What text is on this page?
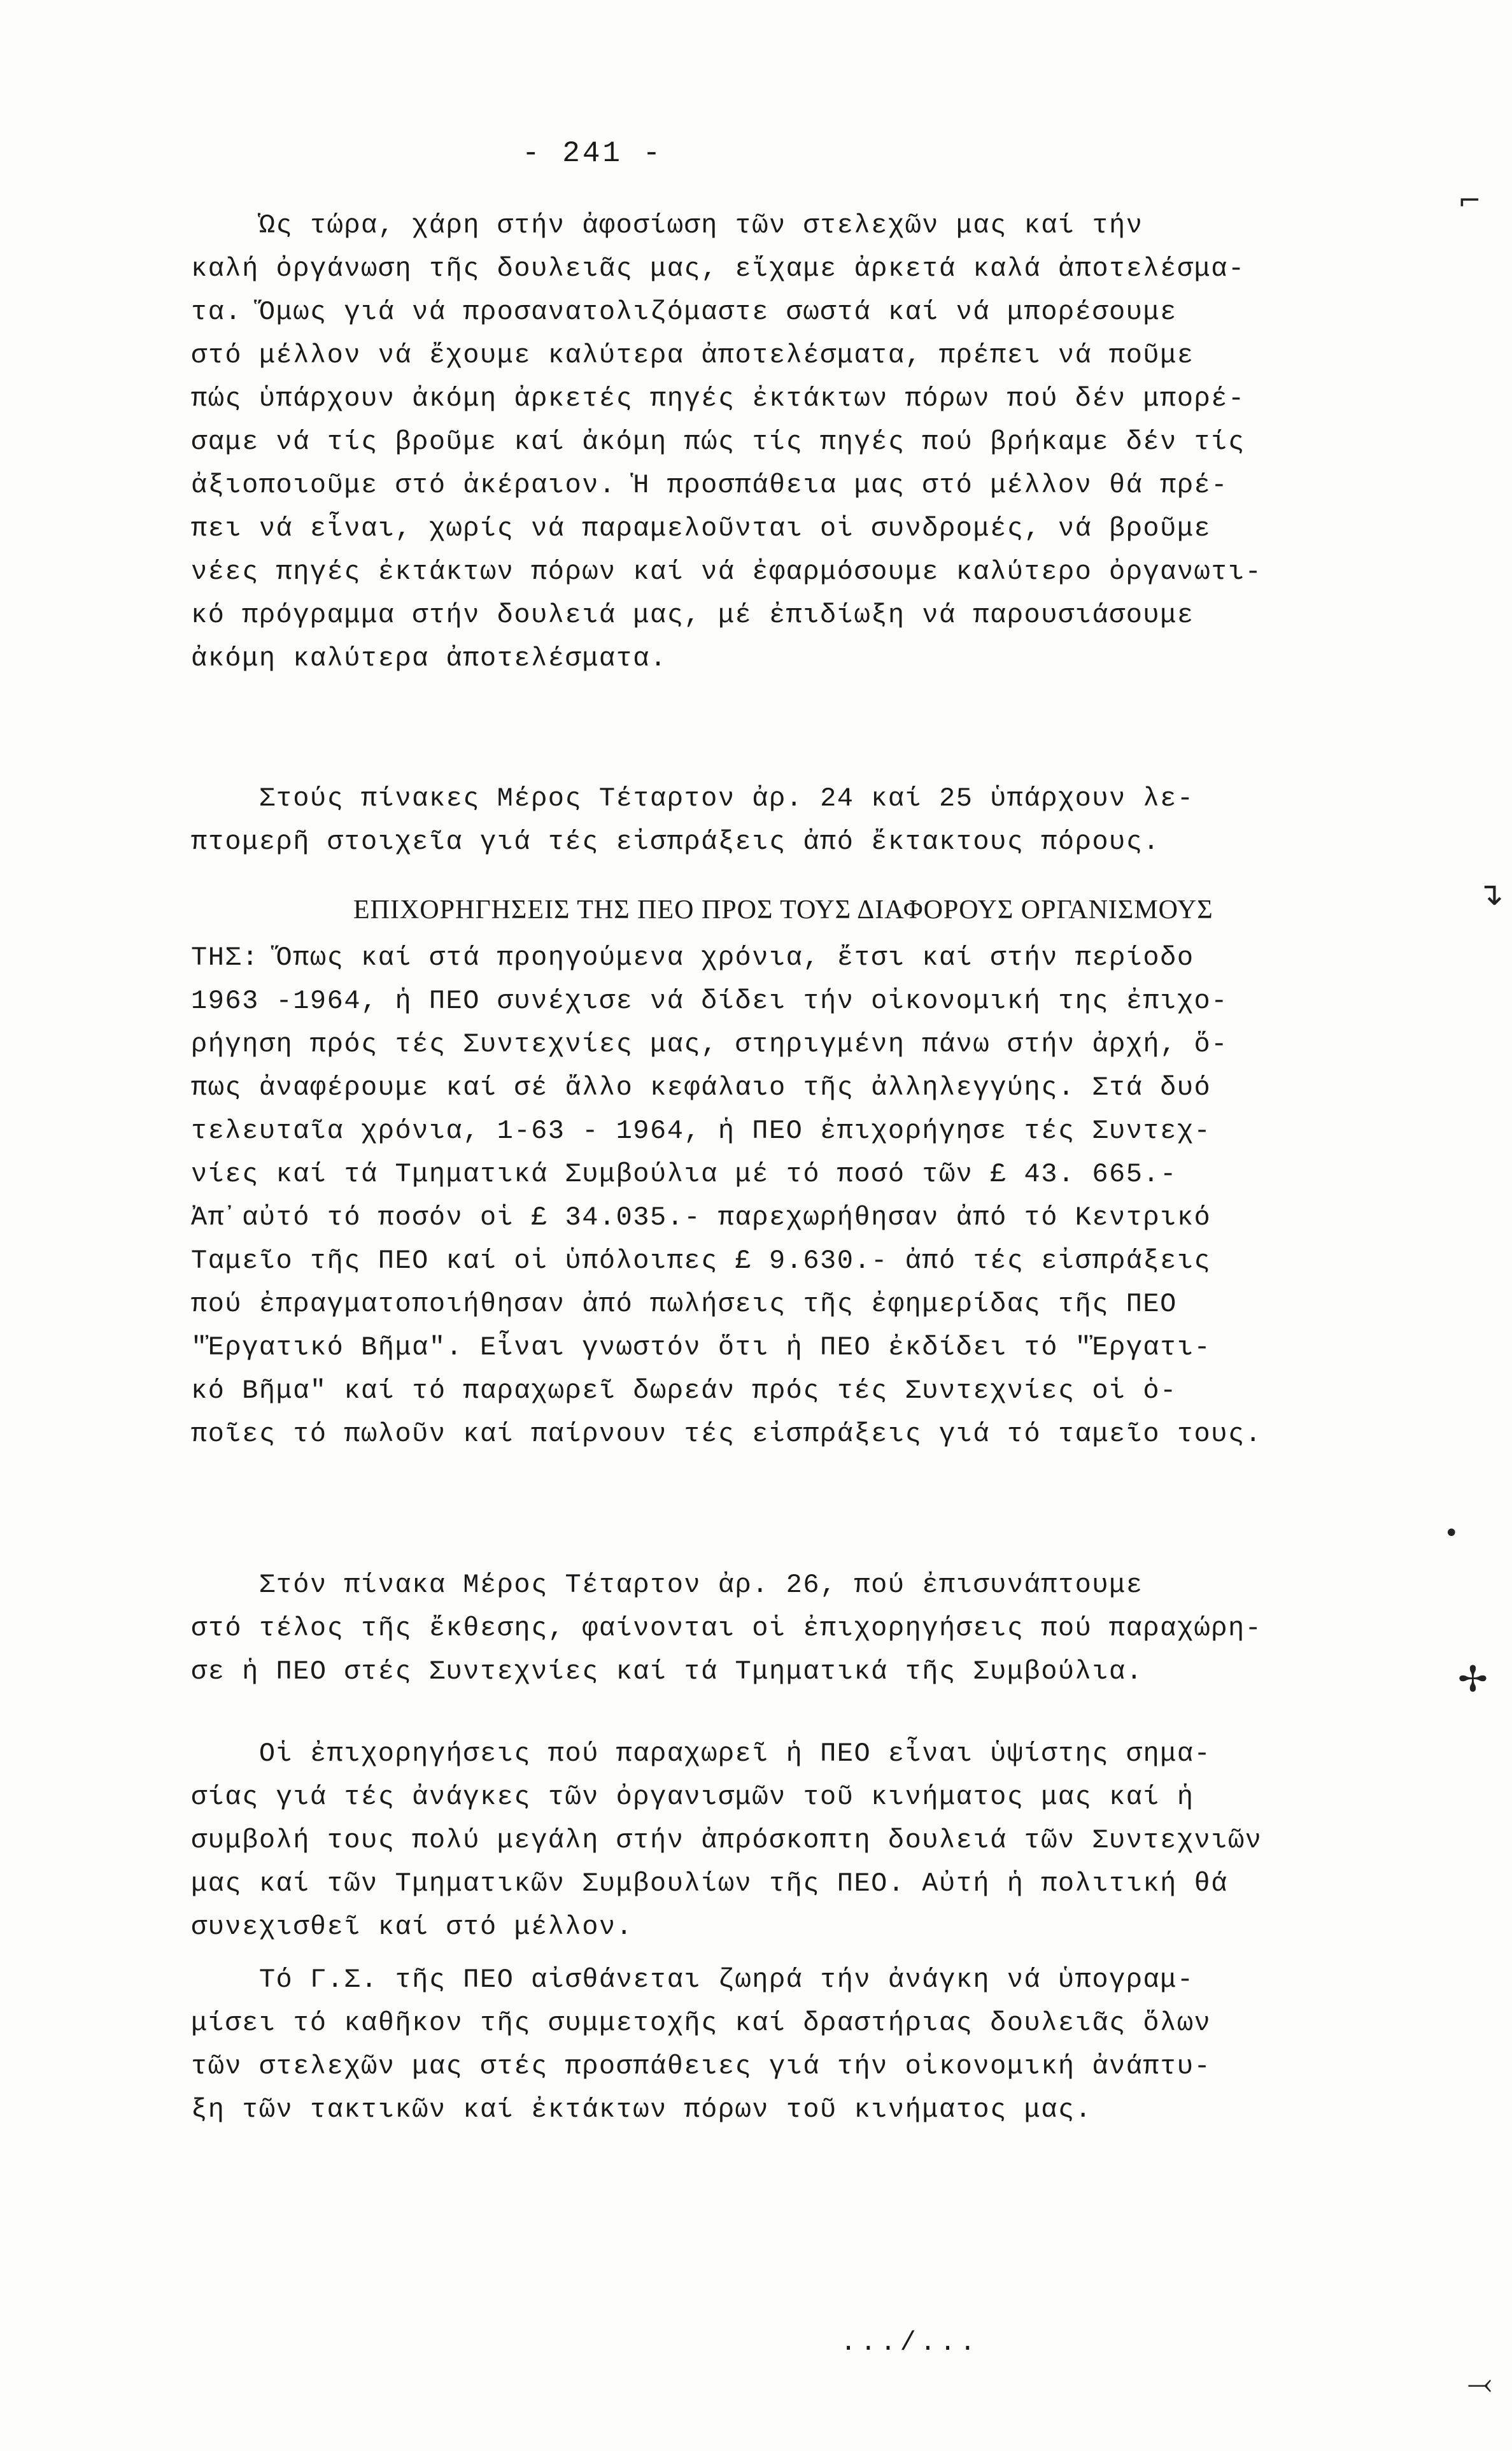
- 241 -

Ὡς τώρα, χάρη στήν ἀφοσίωση τῶν στελεχῶν μας καί τήν
καλή ὀργάνωση τῆς δουλειᾶς μας, εἴχαμε ἀρκετά καλά ἀποτελέσμα-
τα. Ὅμως γιά νά προσανατολιζόμαστε σωστά καί νά μπορέσουμε
στό μέλλον νά ἔχουμε καλύτερα ἀποτελέσματα, πρέπει νά ποῦμε
πώς ὑπάρχουν ἀκόμη ἀρκετές πηγές ἐκτάκτων πόρων πού δέν μπορέ-
σαμε νά τίς βροῦμε καί ἀκόμη πώς τίς πηγές πού βρήκαμε δέν τίς
ἀξιοποιοῦμε στό ἀκέραιον. Ἡ προσπάθεια μας στό μέλλον θά πρέ-
πει νά εἶναι, χωρίς νά παραμελοῦνται οἱ συνδρομές, νά βροῦμε
νέες πηγές ἐκτάκτων πόρων καί νά ἐφαρμόσουμε καλύτερο ὀργανωτι-
κό πρόγραμμα στήν δουλειά μας, μέ ἐπιδίωξη νά παρουσιάσουμε
ἀκόμη καλύτερα ἀποτελέσματα.

Στούς πίνακες Μέρος Τέταρτον ἀρ. 24 καί 25 ὑπάρχουν λε-
πτομερῆ στοιχεῖα γιά τές εἰσπράξεις ἀπό ἔκτακτους πόρους.

ΕΠΙΧΟΡΗΓΗΣΕΙΣ ΤΗΣ ΠΕΟ ΠΡΟΣ ΤΟΥΣ ΔΙΑΦΟΡΟΥΣ ΟΡΓΑΝΙΣΜΟΥΣ

ΤΗΣ: Ὅπως καί στά προηγούμενα χρόνια, ἔτσι καί στήν περίοδο
1963 -1964, ἡ ΠΕΟ συνέχισε νά δίδει τήν οἰκονομική της ἐπιχο-
ρήγηση πρός τές Συντεχνίες μας, στηριγμένη πάνω στήν ἀρχή, ὅ-
πως ἀναφέρουμε καί σέ ἄλλο κεφάλαιο τῆς ἀλληλεγγύης. Στά δυό
τελευταῖα χρόνια, 1-63 - 1964, ἡ ΠΕΟ ἐπιχορήγησε τές Συντεχ-
νίες καί τά Τμηματικά Συμβούλια μέ τό ποσό τῶν £ 43. 665.-
Ἀπ᾿αὐτό τό ποσόν οἱ £ 34.035.- παρεχωρήθησαν ἀπό τό Κεντρικό
Ταμεῖο τῆς ΠΕΟ καί οἱ ὑπόλοιπες £ 9.630.- ἀπό τές εἰσπράξεις
πού ἐπραγματοποιήθησαν ἀπό πωλήσεις τῆς ἐφημερίδας τῆς ΠΕΟ
"Ἐργατικό Βῆμα". Εἶναι γνωστόν ὅτι ἡ ΠΕΟ ἐκδίδει τό "Ἐργατι-
κό Βῆμα" καί τό παραχωρεῖ δωρεάν πρός τές Συντεχνίες οἱ ὁ-
ποῖες τό πωλοῦν καί παίρνουν τές εἰσπράξεις γιά τό ταμεῖο τους.

Στόν πίνακα Μέρος Τέταρτον ἀρ. 26, πού ἐπισυνάπτουμε
στό τέλος τῆς ἔκθεσης, φαίνονται οἱ ἐπιχορηγήσεις πού παραχώρη-
σε ἡ ΠΕΟ στές Συντεχνίες καί τά Τμηματικά τῆς Συμβούλια.

Οἱ ἐπιχορηγήσεις πού παραχωρεῖ ἡ ΠΕΟ εἶναι ὑψίστης σημα-
σίας γιά τές ἀνάγκες τῶν ὀργανισμῶν τοῦ κινήματος μας καί ἡ
συμβολή τους πολύ μεγάλη στήν ἀπρόσκοπτη δουλειά τῶν Συντεχνιῶν
μας καί τῶν Τμηματικῶν Συμβουλίων τῆς ΠΕΟ. Αὐτή ἡ πολιτική θά
συνεχισθεῖ καί στό μέλλον.

Τό Γ.Σ. τῆς ΠΕΟ αἰσθάνεται ζωηρά τήν ἀνάγκη νά ὑπογραμ-
μίσει τό καθῆκον τῆς συμμετοχῆς καί δραστήριας δουλειᾶς ὅλων
τῶν στελεχῶν μας στές προσπάθειες γιά τήν οἰκονομική ἀνάπτυ-
ξη τῶν τακτικῶν καί ἐκτάκτων πόρων τοῦ κινήματος μας.

.../...
⌐
↴
•
✢
⤙
